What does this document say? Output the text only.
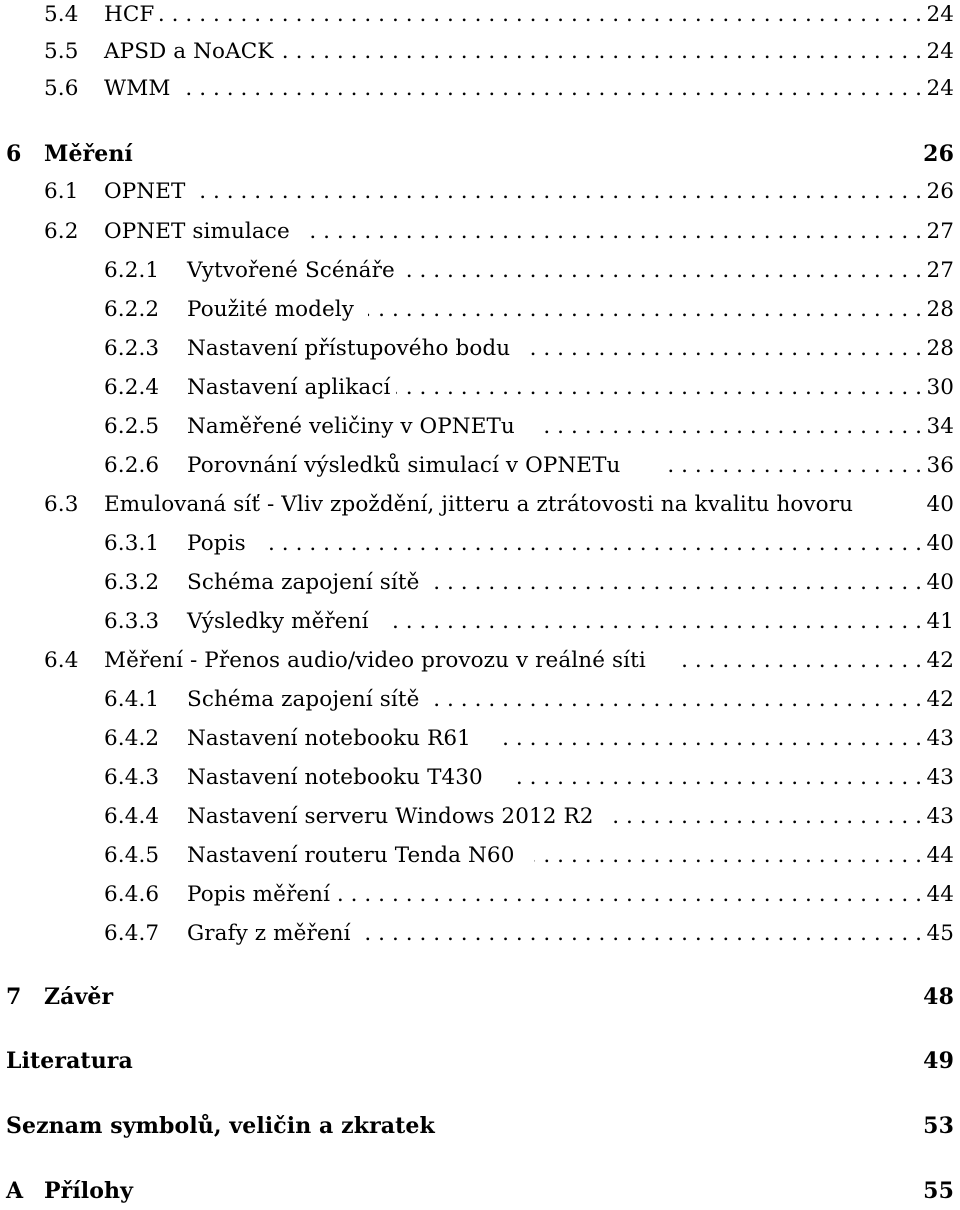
5.4 HCF . . .	24
5.5 APSD a NoACK . . .	24
5.6 WMM . . .	24
6 Měření	26
6.1 OPNET . . .	26
6.2 OPNET simulace . . .	27
6.2.1 Vytvořené Scénáře . . .	27
6.2.2 Použité modely . . .	28
6.2.3 Nastavení přístupového bodu . . .	28
6.2.4 Nastavení aplikací . . .	30
6.2.5 Naměřené veličiny v OPNETu . . .	34
6.2.6 Porovnání výsledků simulací v OPNETu . . .	36
6.3 Emulovaná síť - Vliv zpoždění, jitteru a ztrátovosti na kvalitu hovoru	40
6.3.1 Popis . . .	40
6.3.2 Schéma zapojení sítě . . .	40
6.3.3 Výsledky měření . . .	41
6.4 Měření - Přenos audio/video provozu v reálné síti . . .	42
6.4.1 Schéma zapojení sítě . . .	42
6.4.2 Nastavení notebooku R61 . . .	43
6.4.3 Nastavení notebooku T430 . . .	43
6.4.4 Nastavení serveru Windows 2012 R2 . . .	43
6.4.5 Nastavení routeru Tenda N60 . . .	44
6.4.6 Popis měření . . .	44
6.4.7 Grafy z měření . . .	45
7 Závěr	48
Literatura	49
Seznam symbolů, veličin a zkratek	53
A Přílohy	55
